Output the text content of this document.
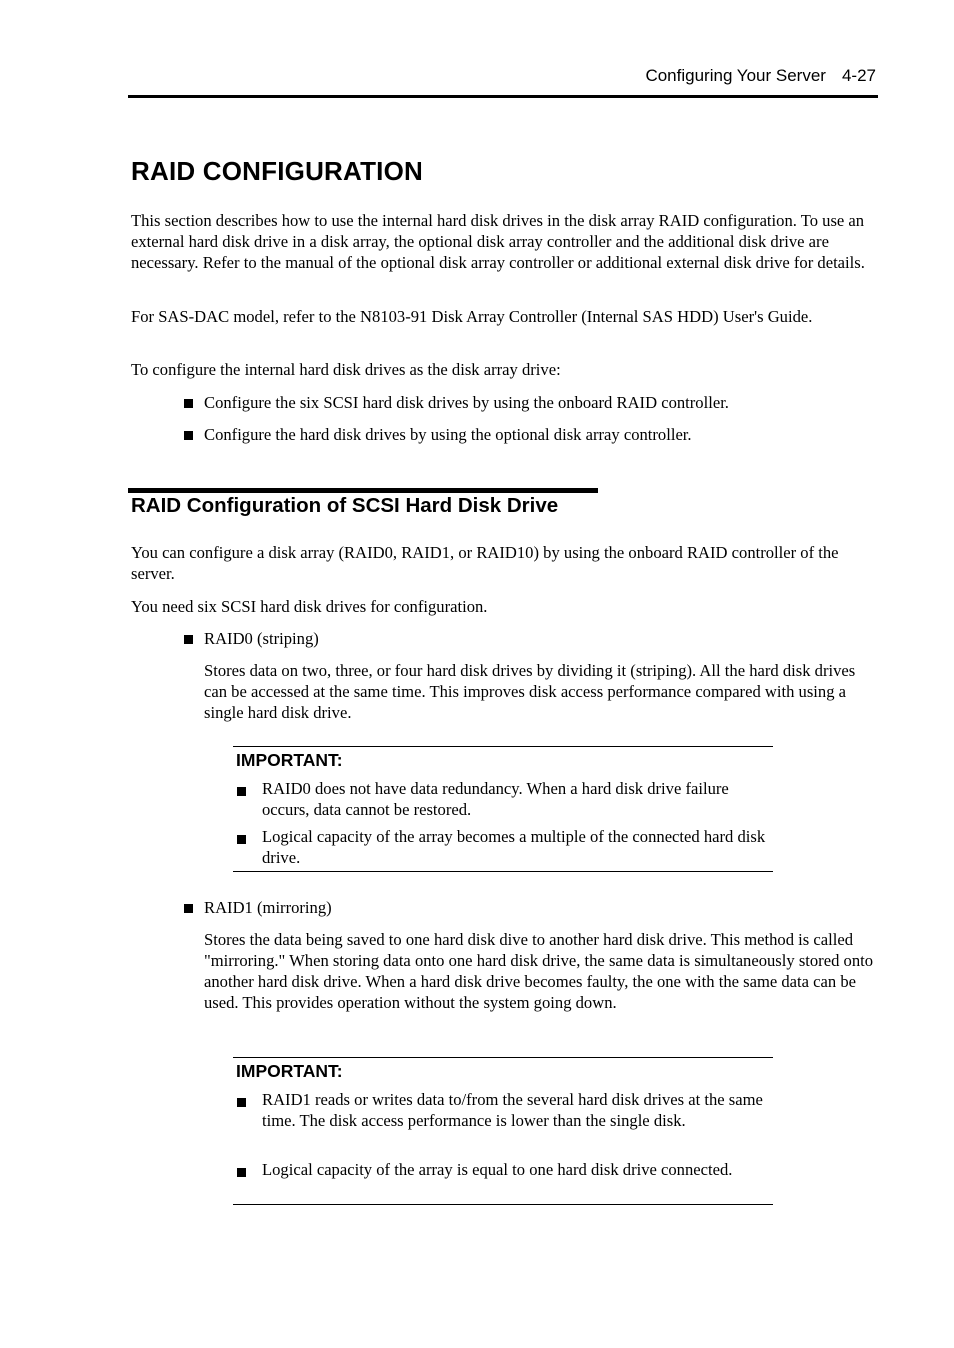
Configuring Your Server 4-27
RAID CONFIGURATION
This section describes how to use the internal hard disk drives in the disk array RAID configuration. To use an external hard disk drive in a disk array, the optional disk array controller and the additional disk drive are necessary. Refer to the manual of the optional disk array controller or additional external disk drive for details.
For SAS-DAC model, refer to the N8103-91 Disk Array Controller (Internal SAS HDD) User's Guide.
To configure the internal hard disk drives as the disk array drive:
Configure the six SCSI hard disk drives by using the onboard RAID controller.
Configure the hard disk drives by using the optional disk array controller.
RAID Configuration of SCSI Hard Disk Drive
You can configure a disk array (RAID0, RAID1, or RAID10) by using the onboard RAID controller of the server.
You need six SCSI hard disk drives for configuration.
RAID0 (striping)
Stores data on two, three, or four hard disk drives by dividing it (striping). All the hard disk drives can be accessed at the same time. This improves disk access performance compared with using a single hard disk drive.
IMPORTANT:
RAID0 does not have data redundancy. When a hard disk drive failure occurs, data cannot be restored.
Logical capacity of the array becomes a multiple of the connected hard disk drive.
RAID1 (mirroring)
Stores the data being saved to one hard disk dive to another hard disk drive. This method is called "mirroring." When storing data onto one hard disk drive, the same data is simultaneously stored onto another hard disk drive. When a hard disk drive becomes faulty, the one with the same data can be used. This provides operation without the system going down.
IMPORTANT:
RAID1 reads or writes data to/from the several hard disk drives at the same time. The disk access performance is lower than the single disk.
Logical capacity of the array is equal to one hard disk drive connected.
